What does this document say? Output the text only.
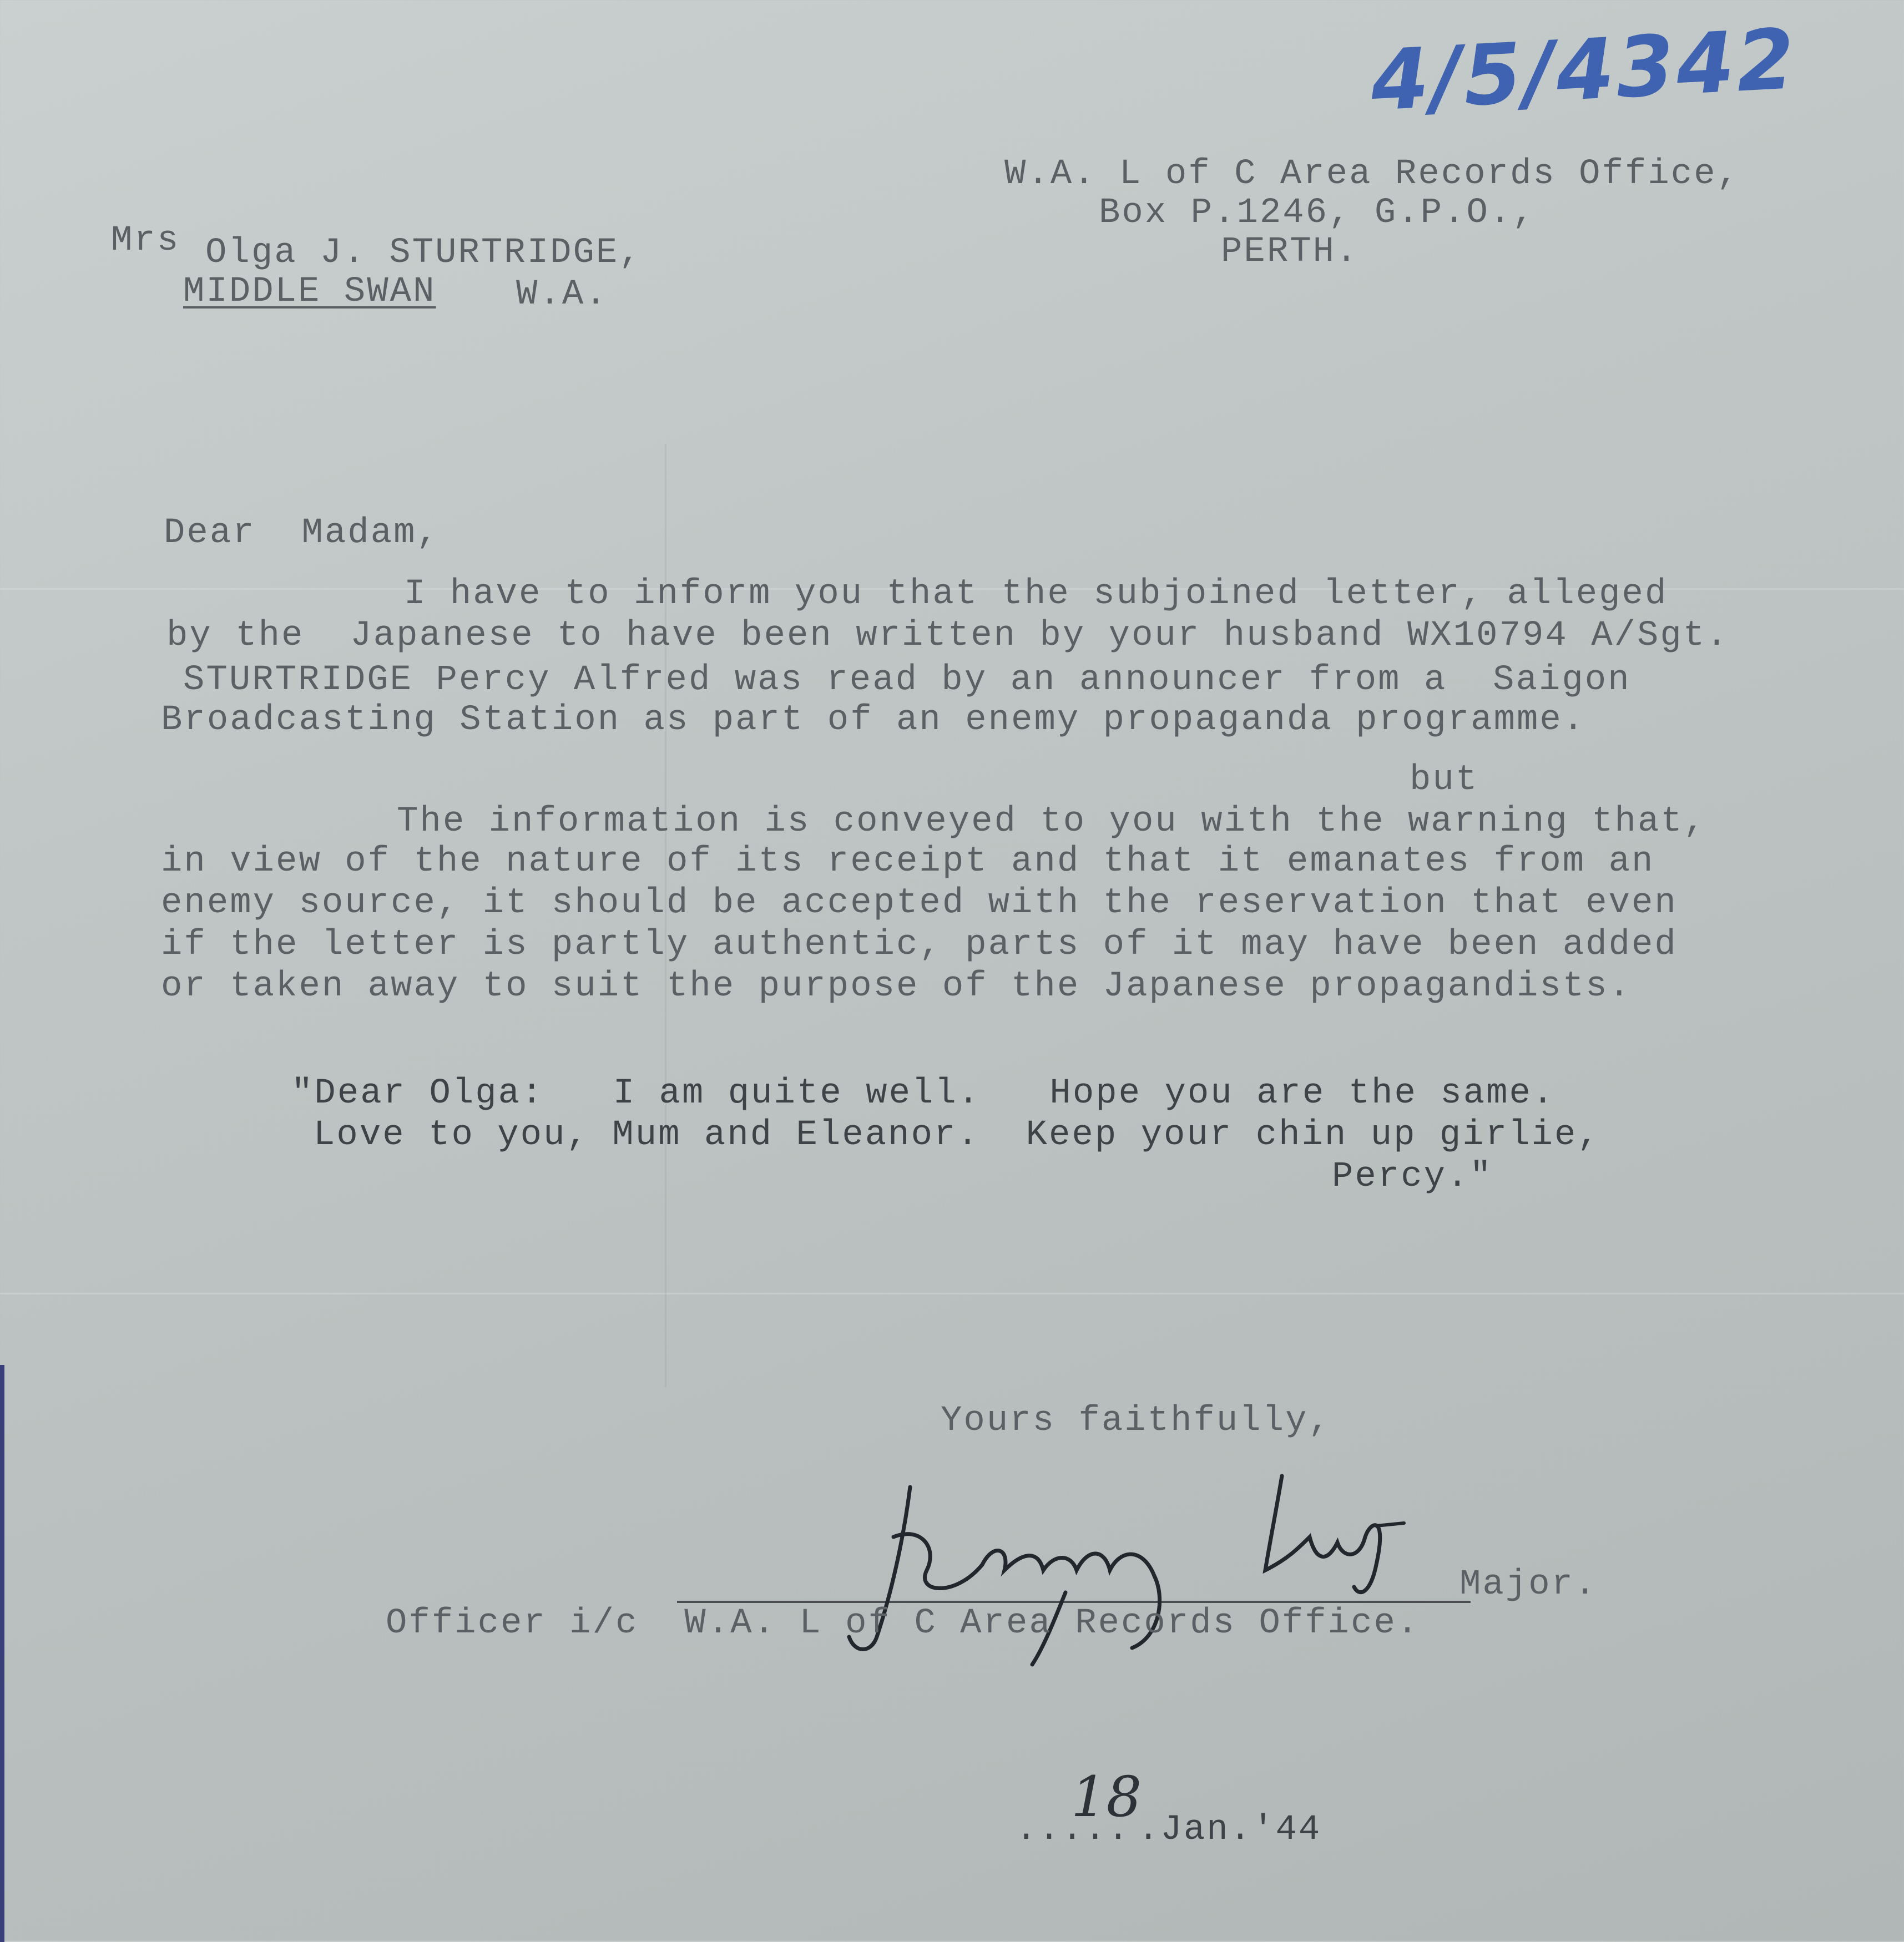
4/5/4342
W.A. L of C Area Records Office,
Box P.1246, G.P.O.,
PERTH.
Mrs Olga J. STURTRIDGE,
MIDDLE SWAN W.A.
Dear  Madam,
I have to inform you that the subjoined letter, alleged
by the  Japanese to have been written by your husband WX10794 A/Sgt.
STURTRIDGE Percy Alfred was read by an announcer from a  Saigon
Broadcasting Station as part of an enemy propaganda programme.
but
The information is conveyed to you with the warning that,
in view of the nature of its receipt and that it emanates from an
enemy source, it should be accepted with the reservation that even
if the letter is partly authentic, parts of it may have been added
or taken away to suit the purpose of the Japanese propagandists.
"Dear Olga:   I am quite well.   Hope you are the same.
Love to you, Mum and Eleanor.  Keep your chin up girlie,
Percy."
Yours faithfully,
Major.
Officer i/c  W.A. L of C Area Records Office.
.....
18
.Jan.'44
